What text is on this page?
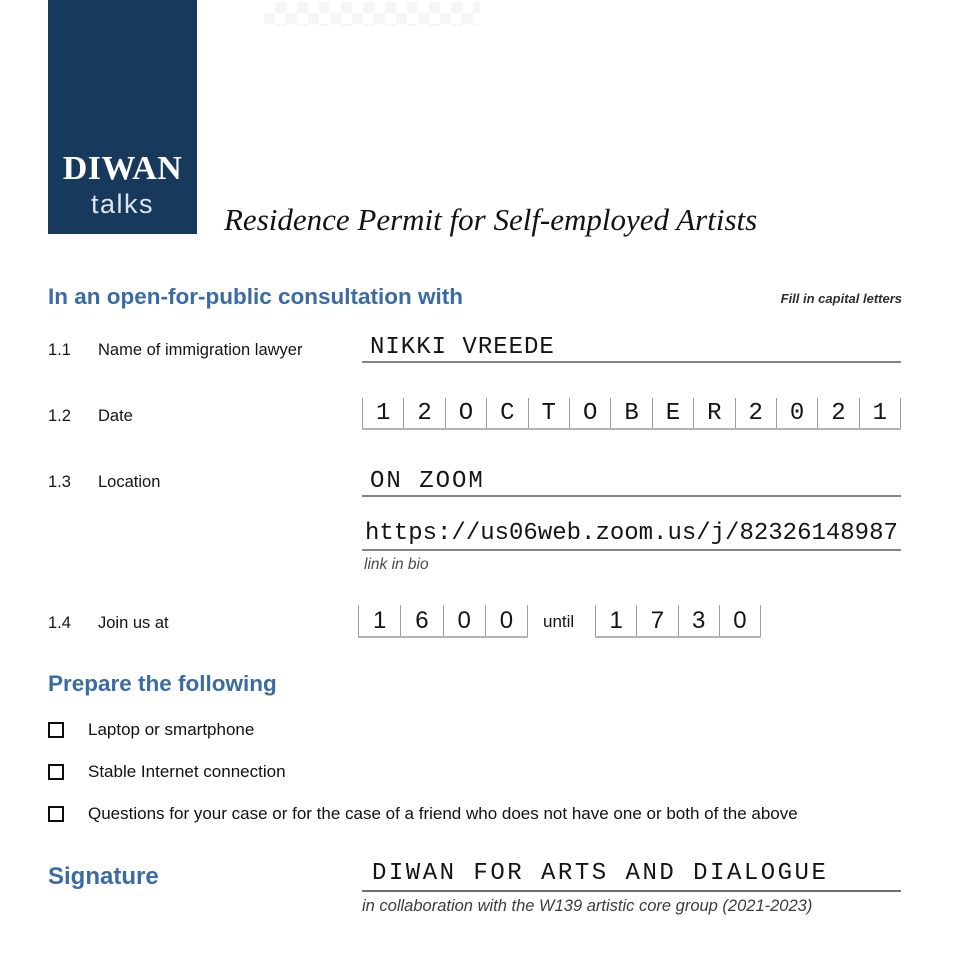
DIWAN
talks Residence Permit for Self-employed Artists
In an open-for-public consultation with	Fill in capital letters
1.1 Name of immigration lawyer	NIKKI VREEDE
1.2 Date	1	2	O	C	T	O	B	E	R	2	0	2	1
1.3 Location	ON ZOOM
https://us06web.zoom.us/j/82326148987
link in bio
1.4 Join us at	1	6	0	0	until	1	7	3	0
Prepare the following
Laptop or smartphone
Stable Internet connection
Questions for your case or for the case of a friend who does not have one or both of the above
Signature	DIWAN FOR ARTS AND DIALOGUE
in collaboration with the W139 artistic core group (2021-2023)
